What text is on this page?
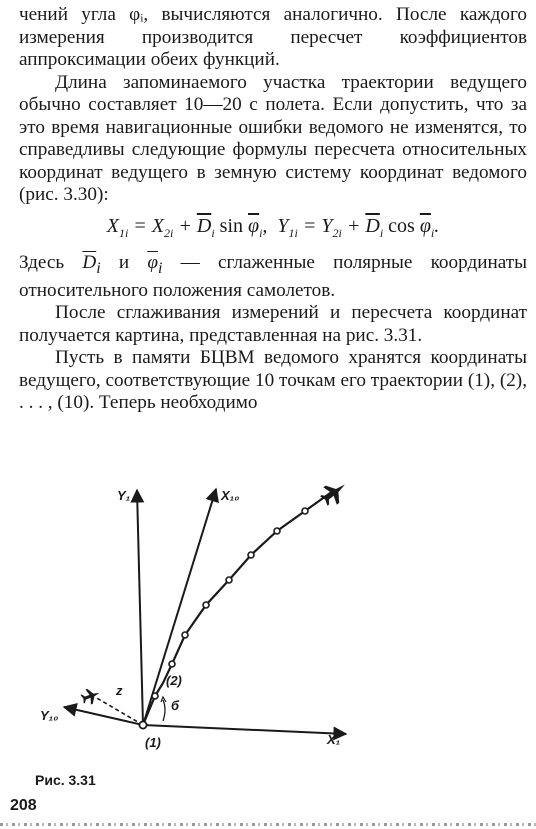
чений угла φᵢ, вычисляются аналогично. После каждого измерения производится пересчет коэффициентов аппроксимации обеих функций.

Длина запоминаемого участка траектории ведущего обычно составляет 10—20 с полета. Если допустить, что за это время навигационные ошибки ведомого не изменятся, то справедливы следующие формулы пересчета относительных координат ведущего в земную систему координат ведомого (рис. 3.30):

$X_{1i} = X_{2i} + \overline{D}_i$ $\sin \overline{\varphi}_i$, $Y_{1i} = Y_{2i} + \overline{D}_i$ $\cos \overline{\varphi}_i$.

Здесь $\overline{D}_i$ и $\overline{\varphi}_i$ — сглаженные полярные координаты относительного положения самолетов.

После сглаживания измерений и пересчета координат получается картина, представленная на рис. 3.31.

Пусть в памяти БЦВМ ведомого хранятся координаты ведущего, соответствующие 10 точкам его траектории (1), (2), . . . , (10). Теперь необходимо

Y₁	X₁₀
Y₁₀
X₁
z
(1)
(2)
б
Рис. 3.31
208
